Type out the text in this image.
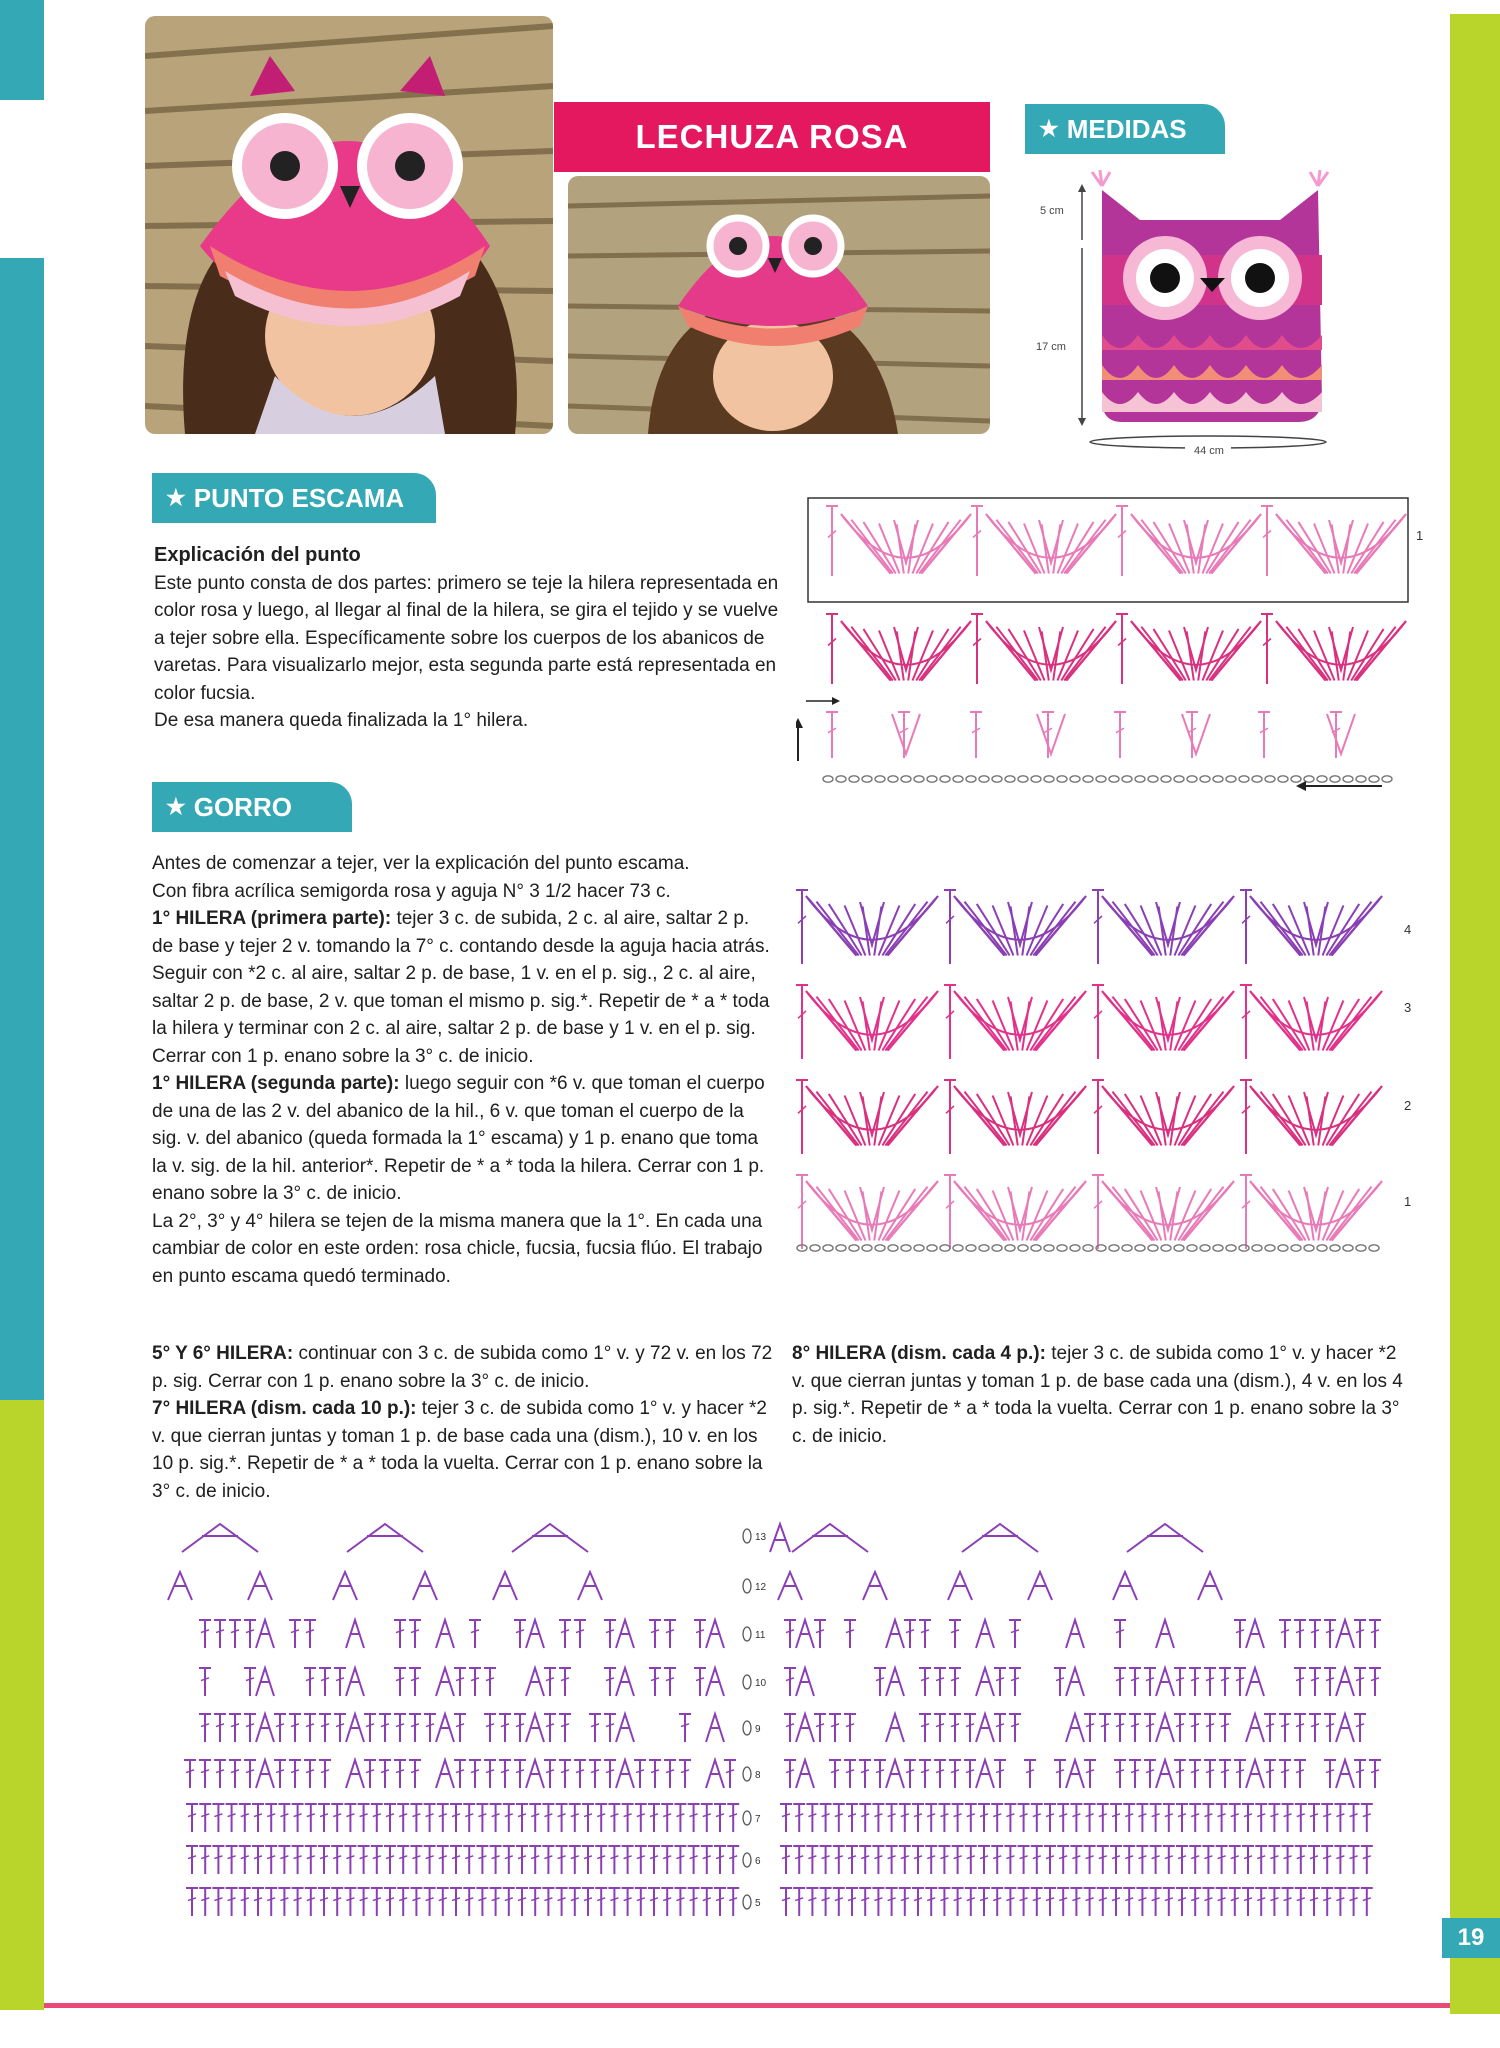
19
LECHUZA ROSA	★ MEDIDAS
5 cm
17 cm
44 cm
★ PUNTO ESCAMA

Explicación del punto

Este punto consta de dos partes: primero se teje la hilera representada en color rosa y luego, al llegar al final de la hilera, se gira el tejido y se vuelve a tejer sobre ella. Específicamente sobre los cuerpos de los abanicos de varetas. Para visualizarlo mejor, esta segunda parte está representada en color fucsia.

De esa manera queda finalizada la 1° hilera.

1
★ GORRO

Antes de comenzar a tejer, ver la explicación del punto escama.

Con fibra acrílica semigorda rosa y aguja N° 3 1/2 hacer 73 c.

1° HILERA (primera parte): tejer 3 c. de subida, 2 c. al aire, saltar 2 p. de base y tejer 2 v. tomando la 7° c. contando desde la aguja hacia atrás. Seguir con *2 c. al aire, saltar 2 p. de base, 1 v. en el p. sig., 2 c. al aire, saltar 2 p. de base, 2 v. que toman el mismo p. sig.*. Repetir de * a * toda la hilera y terminar con 2 c. al aire, saltar 2 p. de base y 1 v. en el p. sig. Cerrar con 1 p. enano sobre la 3° c. de inicio.

1° HILERA (segunda parte): luego seguir con *6 v. que toman el cuerpo de una de las 2 v. del abanico de la hil., 6 v. que toman el cuerpo de la sig. v. del abanico (queda formada la 1° escama) y 1 p. enano que toma la v. sig. de la hil. anterior*. Repetir de * a * toda la hilera. Cerrar con 1 p. enano sobre la 3° c. de inicio.

La 2°, 3° y 4° hilera se tejen de la misma manera que la 1°. En cada una cambiar de color en este orden: rosa chicle, fucsia, fucsia flúo. El trabajo en punto escama quedó terminado.

4
3
2
1

5° Y 6° HILERA: continuar con 3 c. de subida como 1° v. y 72 v. en los 72 p. sig. Cerrar con 1 p. enano sobre la 3° c. de inicio.

7° HILERA (dism. cada 10 p.): tejer 3 c. de subida como 1° v. y hacer *2 v. que cierran juntas y toman 1 p. de base cada una (dism.), 10 v. en los 10 p. sig.*. Repetir de * a * toda la vuelta. Cerrar con 1 p. enano sobre la 3° c. de inicio.

8° HILERA (dism. cada 4 p.): tejer 3 c. de subida como 1° v. y hacer *2 v. que cierran juntas y toman 1 p. de base cada una (dism.), 4 v. en los 4 p. sig.*. Repetir de * a * toda la vuelta. Cerrar con 1 p. enano sobre la 3° c. de inicio.

13
12
11
10
9
8
7
6
5
